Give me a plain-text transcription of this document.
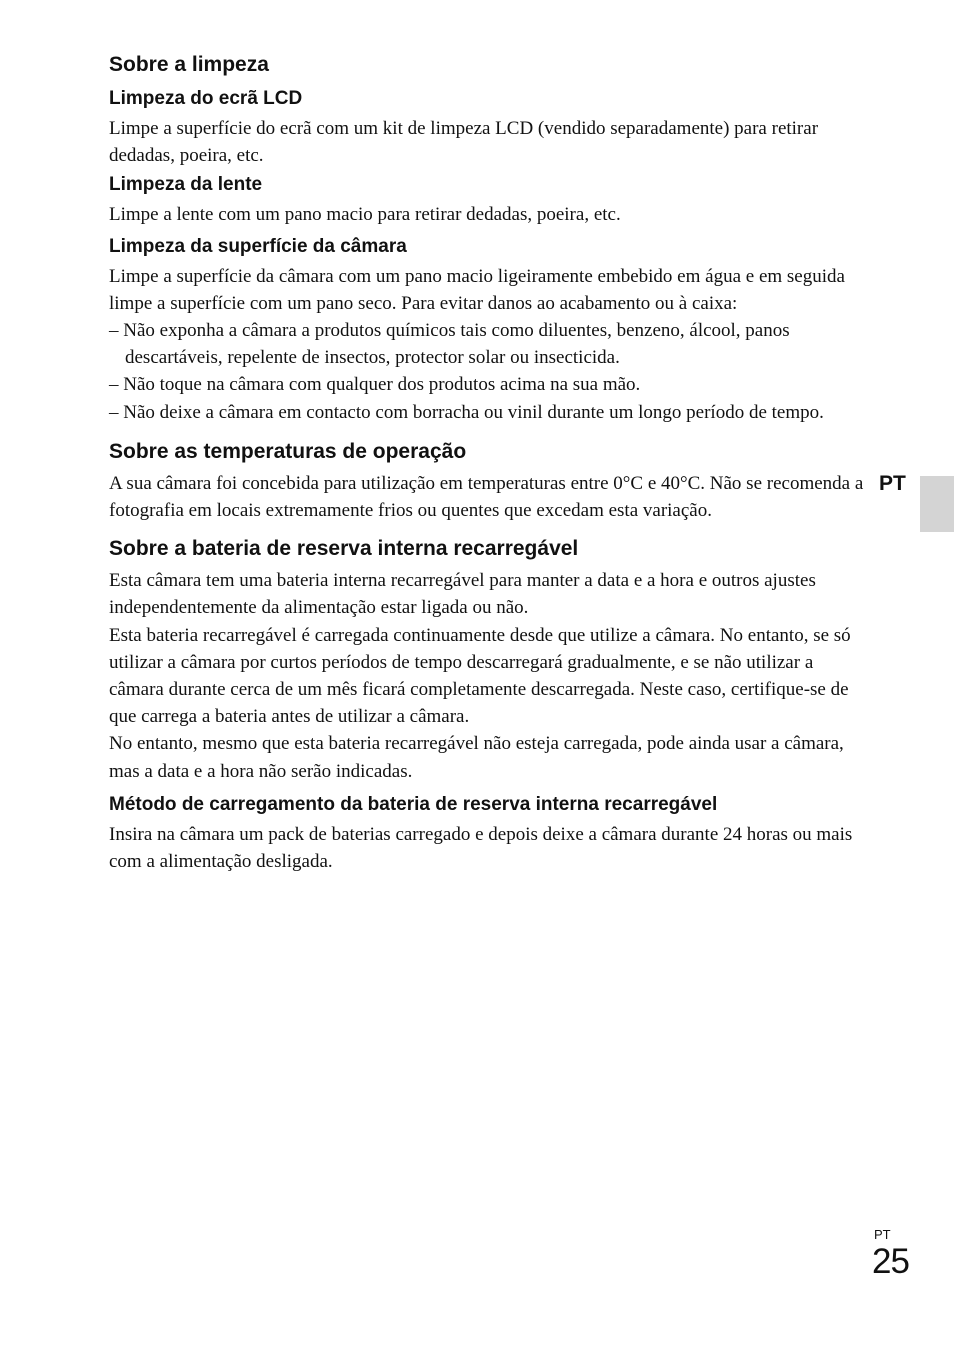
Sobre a limpeza
Limpeza do ecrã LCD
Limpe a superfície do ecrã com um kit de limpeza LCD (vendido separadamente) para retirar dedadas, poeira, etc.
Limpeza da lente
Limpe a lente com um pano macio para retirar dedadas, poeira, etc.
Limpeza da superfície da câmara
Limpe a superfície da câmara com um pano macio ligeiramente embebido em água e em seguida limpe a superfície com um pano seco. Para evitar danos ao acabamento ou à caixa:
– Não exponha a câmara a produtos químicos tais como diluentes, benzeno, álcool, panos descartáveis, repelente de insectos, protector solar ou insecticida.
– Não toque na câmara com qualquer dos produtos acima na sua mão.
– Não deixe a câmara em contacto com borracha ou vinil durante um longo período de tempo.
Sobre as temperaturas de operação
A sua câmara foi concebida para utilização em temperaturas entre 0°C e 40°C. Não se recomenda a fotografia em locais extremamente frios ou quentes que excedam esta variação.
Sobre a bateria de reserva interna recarregável
Esta câmara tem uma bateria interna recarregável para manter a data e a hora e outros ajustes independentemente da alimentação estar ligada ou não.
Esta bateria recarregável é carregada continuamente desde que utilize a câmara. No entanto, se só utilizar a câmara por curtos períodos de tempo descarregará gradualmente, e se não utilizar a câmara durante cerca de um mês ficará completamente descarregada. Neste caso, certifique-se de que carrega a bateria antes de utilizar a câmara.
No entanto, mesmo que esta bateria recarregável não esteja carregada, pode ainda usar a câmara, mas a data e a hora não serão indicadas.
Método de carregamento da bateria de reserva interna recarregável
Insira na câmara um pack de baterias carregado e depois deixe a câmara durante 24 horas ou mais com a alimentação desligada.
PT
PT
25
